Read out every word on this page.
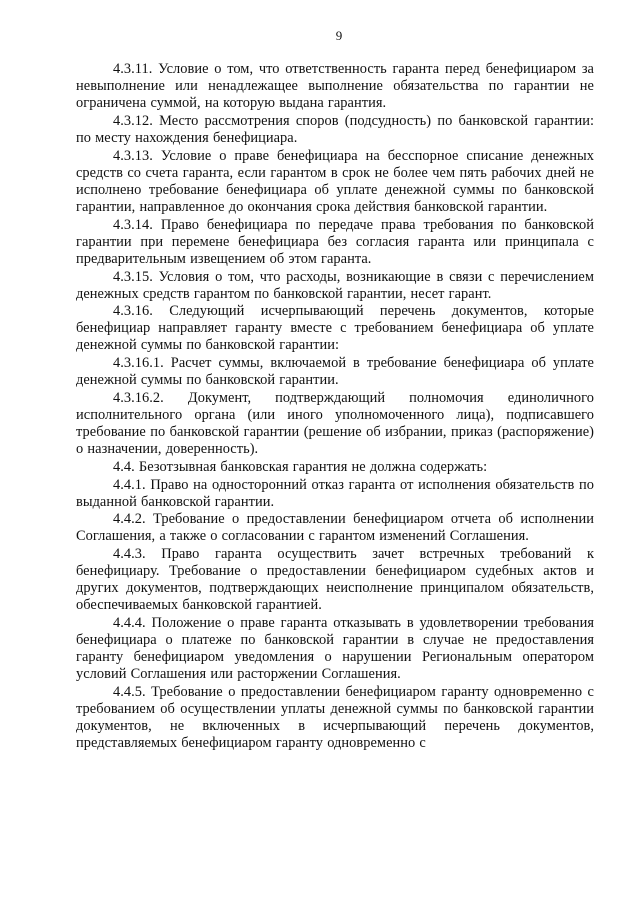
9

4.3.11. Условие о том, что ответственность гаранта перед бенефициаром за невыполнение или ненадлежащее выполнение обязательства по гарантии не ограничена суммой, на которую выдана гарантия.

4.3.12. Место рассмотрения споров (подсудность) по банковской гарантии: по месту нахождения бенефициара.

4.3.13. Условие о праве бенефициара на бесспорное списание денежных средств со счета гаранта, если гарантом в срок не более чем пять рабочих дней не исполнено требование бенефициара об уплате денежной суммы по банковской гарантии, направленное до окончания срока действия банковской гарантии.

4.3.14. Право бенефициара по передаче права требования по банковской гарантии при перемене бенефициара без согласия гаранта или принципала с предварительным извещением об этом гаранта.

4.3.15. Условия о том, что расходы, возникающие в связи с перечислением денежных средств гарантом по банковской гарантии, несет гарант.

4.3.16. Следующий исчерпывающий перечень документов, которые бенефициар направляет гаранту вместе с требованием бенефициара об уплате денежной суммы по банковской гарантии:

4.3.16.1. Расчет суммы, включаемой в требование бенефициара об уплате денежной суммы по банковской гарантии.

4.3.16.2. Документ, подтверждающий полномочия единоличного исполнительного органа (или иного уполномоченного лица), подписавшего требование по банковской гарантии (решение об избрании, приказ (распоряжение) о назначении, доверенность).

4.4. Безотзывная банковская гарантия не должна содержать:

4.4.1. Право на односторонний отказ гаранта от исполнения обязательств по выданной банковской гарантии.

4.4.2. Требование о предоставлении бенефициаром отчета об исполнении Соглашения, а также о согласовании с гарантом изменений Соглашения.

4.4.3. Право гаранта осуществить зачет встречных требований к бенефициару. Требование о предоставлении бенефициаром судебных актов и других документов, подтверждающих неисполнение принципалом обязательств, обеспечиваемых банковской гарантией.

4.4.4. Положение о праве гаранта отказывать в удовлетворении требования бенефициара о платеже по банковской гарантии в случае не предоставления гаранту бенефициаром уведомления о нарушении Региональным оператором условий Соглашения или расторжении Соглашения.

4.4.5. Требование о предоставлении бенефициаром гаранту одновременно с требованием об осуществлении уплаты денежной суммы по банковской гарантии документов, не включенных в исчерпывающий перечень документов, представляемых бенефициаром гаранту одновременно с
